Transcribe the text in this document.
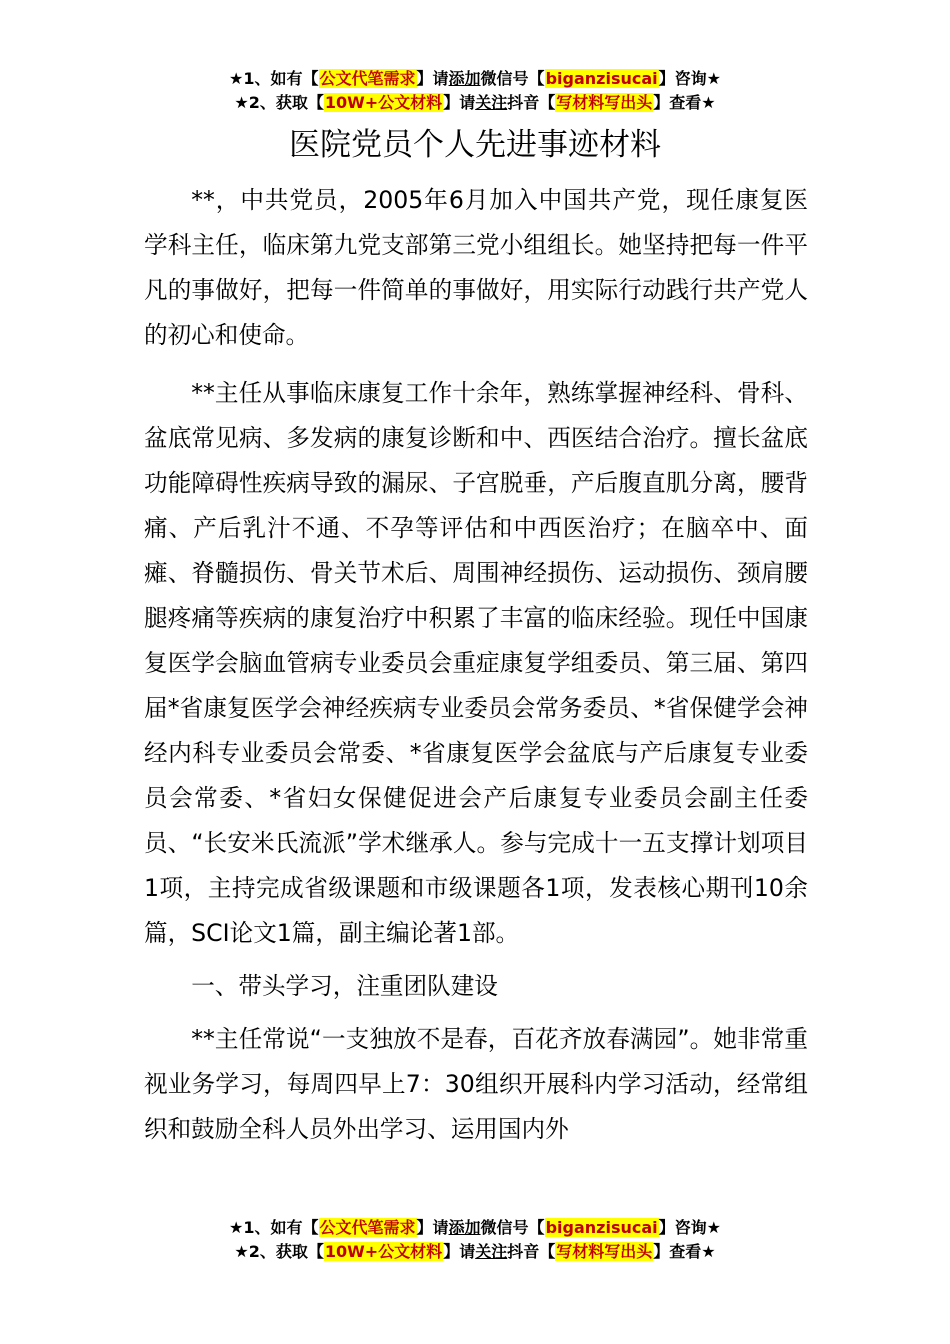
★1、如有【公文代笔需求】请添加微信号【biganzisucai】咨询★
★2、获取【10W+公文材料】请关注抖音【写材料写出头】查看★
医院党员个人先进事迹材料

**，中共党员，2005年6月加入中国共产党，现任康复医学科主任，临床第九党支部第三党小组组长。她坚持把每一件平凡的事做好，把每一件简单的事做好，用实际行动践行共产党人的初心和使命。

**主任从事临床康复工作十余年，熟练掌握神经科、骨科、盆底常见病、多发病的康复诊断和中、西医结合治疗。擅长盆底功能障碍性疾病导致的漏尿、子宫脱垂，产后腹直肌分离，腰背痛、产后乳汁不通、不孕等评估和中西医治疗；在脑卒中、面瘫、脊髓损伤、骨关节术后、周围神经损伤、运动损伤、颈肩腰腿疼痛等疾病的康复治疗中积累了丰富的临床经验。现任中国康复医学会脑血管病专业委员会重症康复学组委员、第三届、第四届*省康复医学会神经疾病专业委员会常务委员、*省保健学会神经内科专业委员会常委、*省康复医学会盆底与产后康复专业委员会常委、*省妇女保健促进会产后康复专业委员会副主任委员、“长安米氏流派”学术继承人。参与完成十一五支撑计划项目1项，主持完成省级课题和市级课题各1项，发表核心期刊10余篇，SCI论文1篇，副主编论著1部。

一、带头学习，注重团队建设

**主任常说“一支独放不是春，百花齐放春满园”。她非常重视业务学习，每周四早上7：30组织开展科内学习活动，经常组织和鼓励全科人员外出学习、运用国内外

★1、如有【公文代笔需求】请添加微信号【biganzisucai】咨询★
★2、获取【10W+公文材料】请关注抖音【写材料写出头】查看★
